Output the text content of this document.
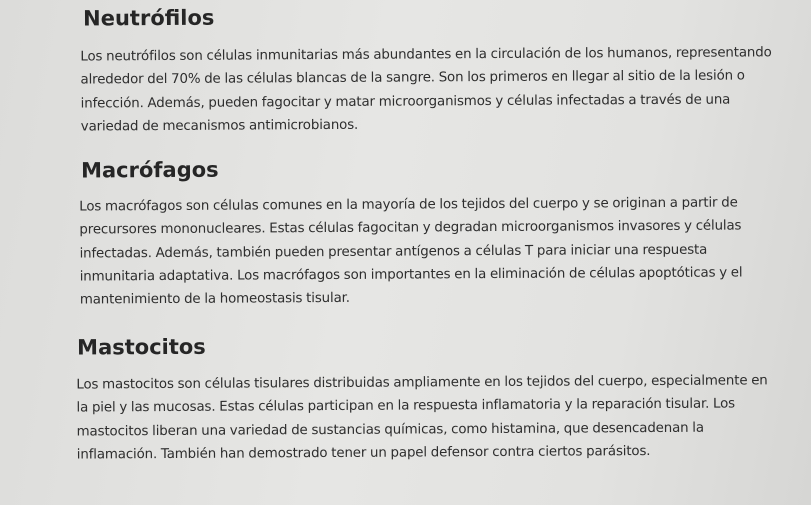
Neutrófilos

Los neutrófilos son células inmunitarias más abundantes en la circulación de los humanos, representando alrededor del 70% de las células blancas de la sangre. Son los primeros en llegar al sitio de la lesión o infección. Además, pueden fagocitar y matar microorganismos y células infectadas a través de una variedad de mecanismos antimicrobianos.

Macrófagos

Los macrófagos son células comunes en la mayoría de los tejidos del cuerpo y se originan a partir de precursores mononucleares. Estas células fagocitan y degradan microorganismos invasores y células infectadas. Además, también pueden presentar antígenos a células T para iniciar una respuesta inmunitaria adaptativa. Los macrófagos son importantes en la eliminación de células apoptóticas y el mantenimiento de la homeostasis tisular.

Mastocitos

Los mastocitos son células tisulares distribuidas ampliamente en los tejidos del cuerpo, especialmente en la piel y las mucosas. Estas células participan en la respuesta inflamatoria y la reparación tisular. Los mastocitos liberan una variedad de sustancias químicas, como histamina, que desencadenan la inflamación. También han demostrado tener un papel defensor contra ciertos parásitos.
